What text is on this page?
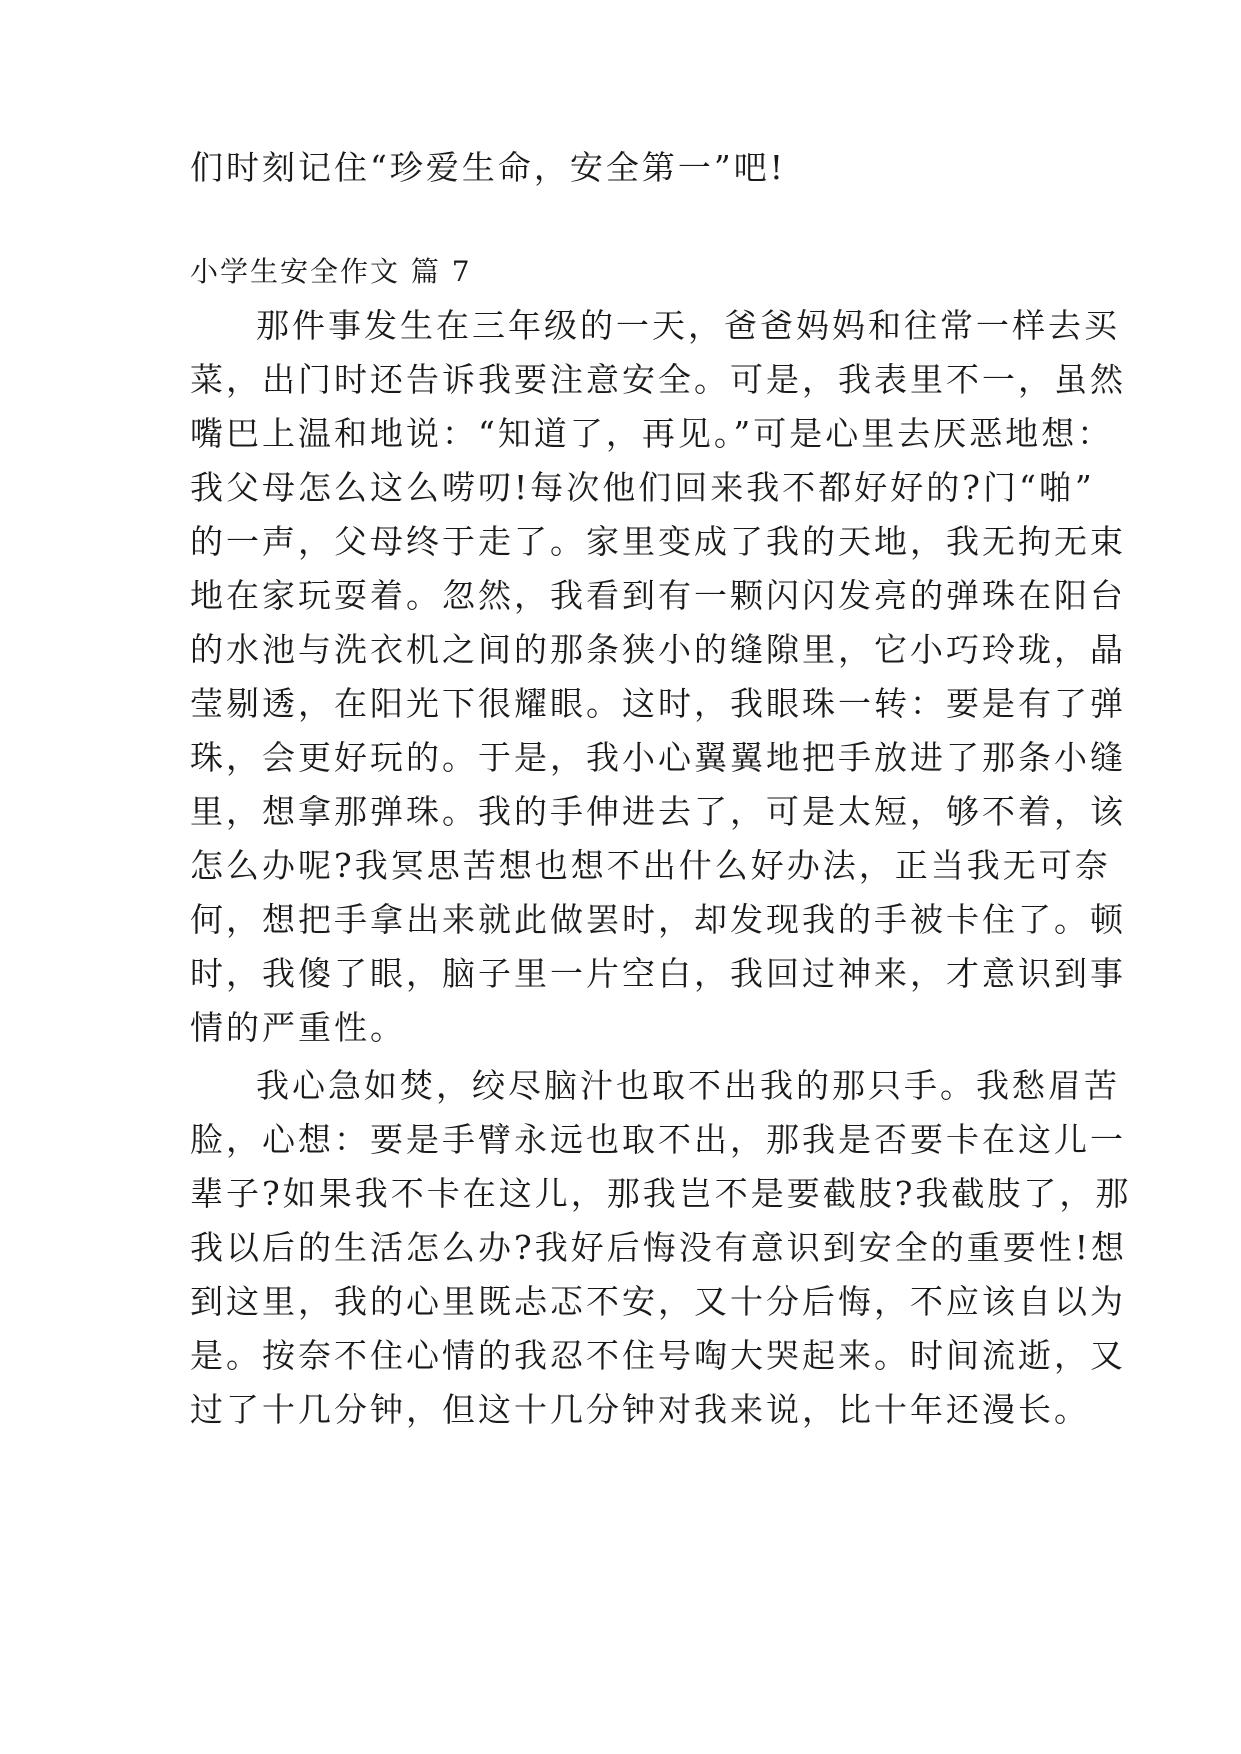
们时刻记住“珍爱生命，安全第一”吧!
小学生安全作文 篇 7
那件事发生在三年级的一天，爸爸妈妈和往常一样去买
菜，出门时还告诉我要注意安全。可是，我表里不一，虽然
嘴巴上温和地说：“知道了，再见。”可是心里去厌恶地想：
我父母怎么这么唠叨!每次他们回来我不都好好的?门“啪”
的一声，父母终于走了。家里变成了我的天地，我无拘无束
地在家玩耍着。忽然，我看到有一颗闪闪发亮的弹珠在阳台
的水池与洗衣机之间的那条狭小的缝隙里，它小巧玲珑，晶
莹剔透，在阳光下很耀眼。这时，我眼珠一转：要是有了弹
珠，会更好玩的。于是，我小心翼翼地把手放进了那条小缝
里，想拿那弹珠。我的手伸进去了，可是太短，够不着，该
怎么办呢?我冥思苦想也想不出什么好办法，正当我无可奈
何，想把手拿出来就此做罢时，却发现我的手被卡住了。顿
时，我傻了眼，脑子里一片空白，我回过神来，才意识到事
情的严重性。
我心急如焚，绞尽脑汁也取不出我的那只手。我愁眉苦
脸，心想：要是手臂永远也取不出，那我是否要卡在这儿一
辈子?如果我不卡在这儿，那我岂不是要截肢?我截肢了，那
我以后的生活怎么办?我好后悔没有意识到安全的重要性!想
到这里，我的心里既忐忑不安，又十分后悔，不应该自以为
是。按奈不住心情的我忍不住号啕大哭起来。时间流逝，又
过了十几分钟，但这十几分钟对我来说，比十年还漫长。
